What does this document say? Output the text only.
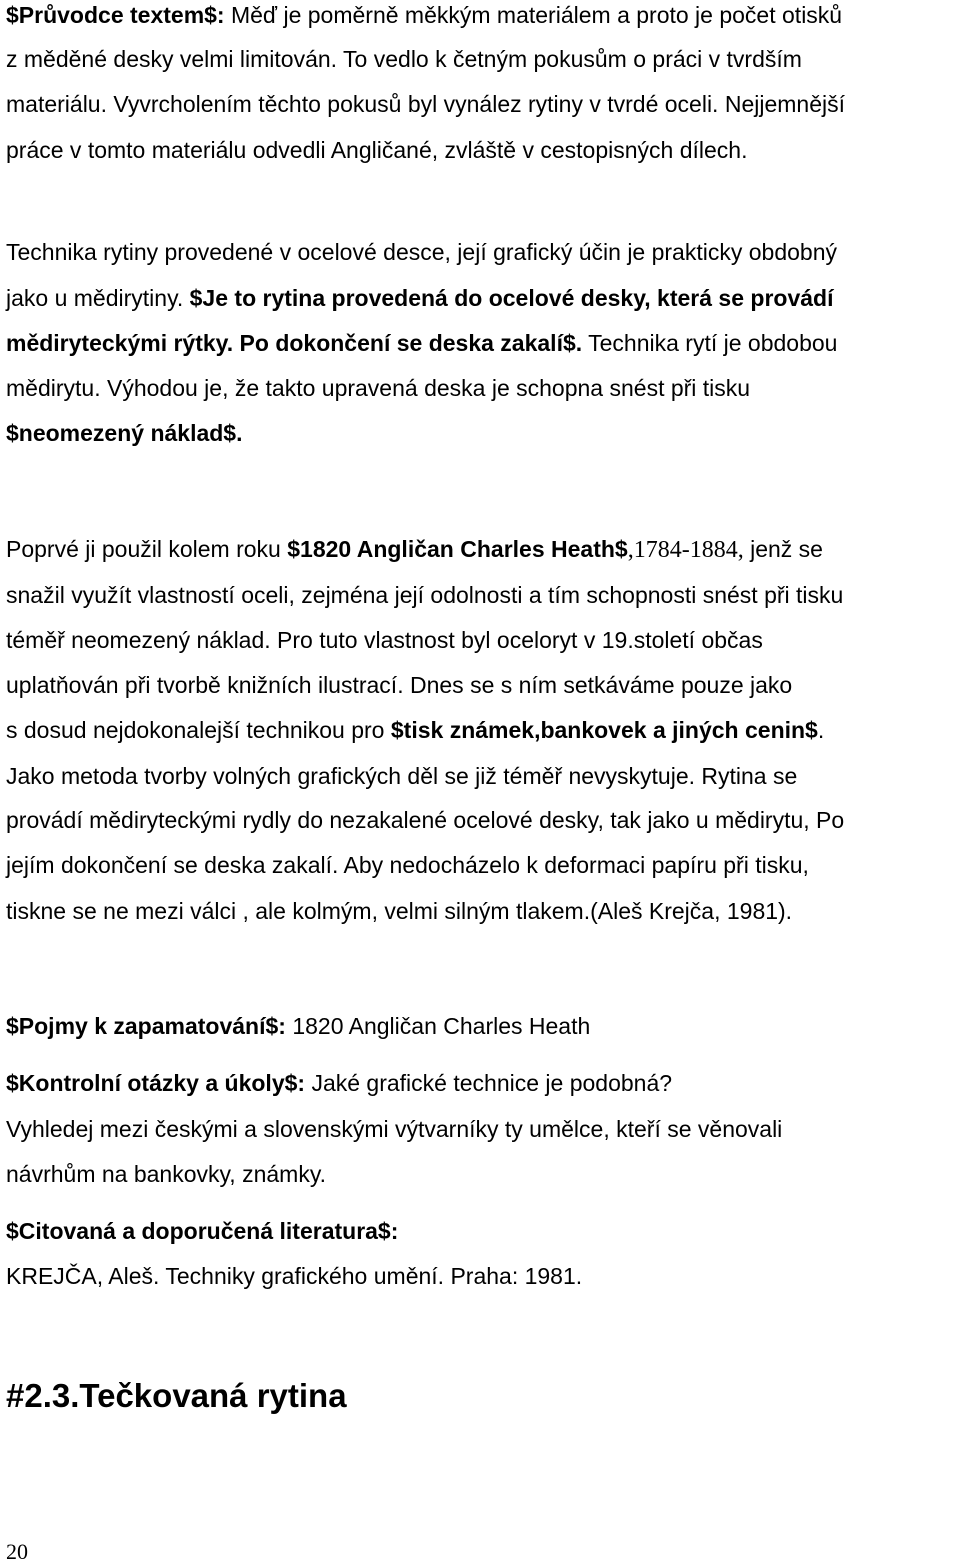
$Průvodce textem$: Měď je poměrně měkkým materiálem a proto je počet otisků
z měděné desky velmi limitován. To vedlo k četným pokusům o práci v tvrdším
materiálu. Vyvrcholením těchto pokusů byl vynález rytiny v tvrdé oceli. Nejjemnější
práce v tomto materiálu odvedli Angličané, zvláště v cestopisných dílech.
Technika rytiny provedené v ocelové desce, její grafický účin je prakticky obdobný
jako u mědirytiny. $Je to rytina provedená do ocelové desky, která se provádí
mědiryteckými rýtky. Po dokončení se deska zakalí$. Technika rytí je obdobou
mědirytu. Výhodou je, že takto upravená deska je schopna snést při tisku
$neomezený náklad$.
Poprvé ji použil kolem roku $1820 Angličan Charles Heath$,1784-1884, jenž se
snažil využít vlastností oceli, zejména její odolnosti a tím schopnosti snést při tisku
téměř neomezený náklad. Pro tuto vlastnost byl oceloryt v 19.století občas
uplatňován při tvorbě knižních ilustrací. Dnes se s ním setkáváme pouze jako
s dosud nejdokonalejší technikou pro $tisk známek,bankovek a jiných cenin$.
Jako metoda tvorby volných grafických děl se již téměř nevyskytuje. Rytina se
provádí mědiryteckými rydly do nezakalené ocelové desky, tak jako u mědirytu, Po
jejím dokončení se deska zakalí. Aby nedocházelo k deformaci papíru při tisku,
tiskne se ne mezi válci , ale kolmým, velmi silným tlakem.(Aleš Krejča, 1981).
$Pojmy k zapamatování$: 1820 Angličan Charles Heath
$Kontrolní otázky a úkoly$: Jaké grafické technice je podobná?
Vyhledej mezi českými a slovenskými výtvarníky ty umělce, kteří se věnovali
návrhům na bankovky, známky.
$Citovaná a doporučená literatura$:
KREJČA, Aleš. Techniky grafického umění. Praha: 1981.
#2.3.Tečkovaná rytina
20
